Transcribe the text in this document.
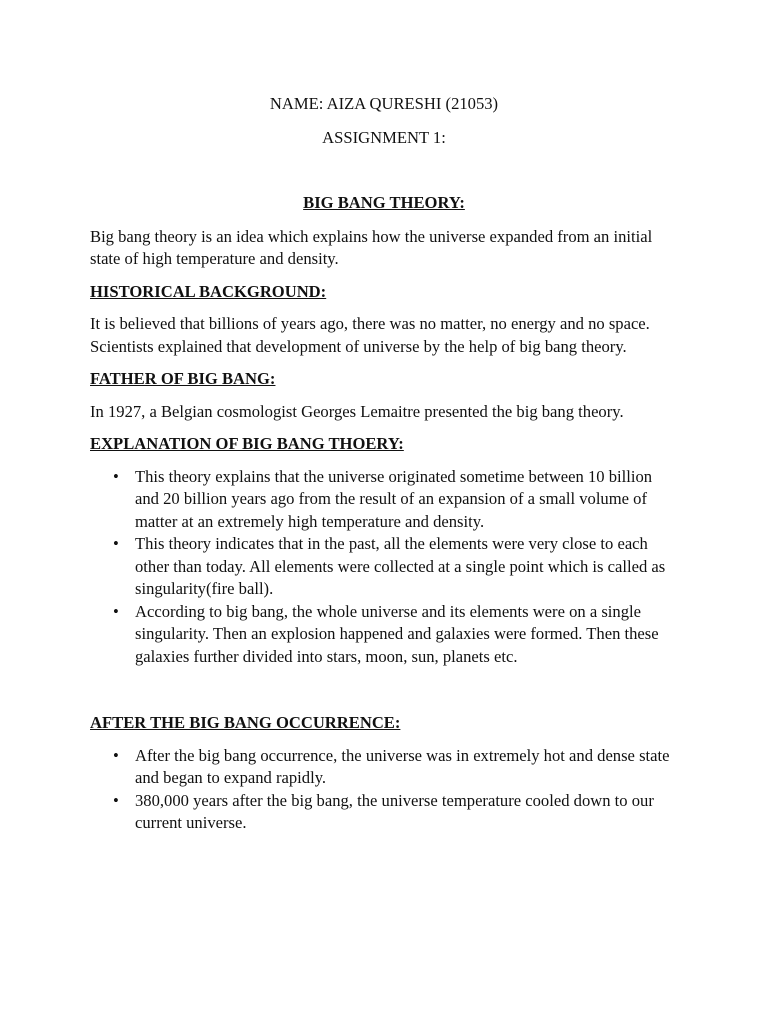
NAME: AIZA QURESHI (21053)

ASSIGNMENT 1:

BIG BANG THEORY:

Big bang theory is an idea which explains how the universe expanded from an initial state of high temperature and density.

HISTORICAL BACKGROUND:

It is believed that billions of years ago, there was no matter, no energy and no space. Scientists explained that development of universe by the help of big bang theory.

FATHER OF BIG BANG:

In 1927, a Belgian cosmologist Georges Lemaitre presented the big bang theory.

EXPLANATION OF BIG BANG THOERY:

• This theory explains that the universe originated sometime between 10 billion and 20 billion years ago from the result of an expansion of a small volume of matter at an extremely high temperature and density.
• This theory indicates that in the past, all the elements were very close to each other than today. All elements were collected at a single point which is called as singularity(fire ball).
• According to big bang, the whole universe and its elements were on a single singularity. Then an explosion happened and galaxies were formed. Then these galaxies further divided into stars, moon, sun, planets etc.

AFTER THE BIG BANG OCCURRENCE:

• After the big bang occurrence, the universe was in extremely hot and dense state and began to expand rapidly.
• 380,000 years after the big bang, the universe temperature cooled down to our current universe.
